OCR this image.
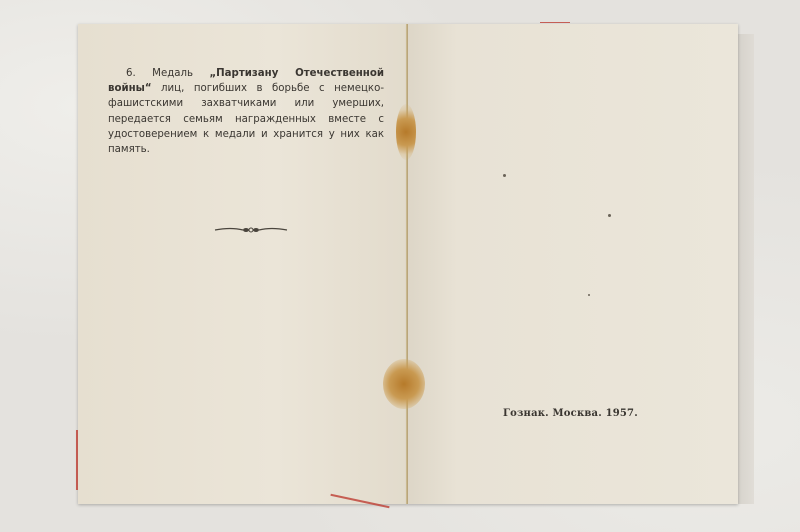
6. Медаль „Партизану Отечественной войны“ лиц, погибших в борьбе с немецко-фашистскими захватчиками или умерших, передается семьям награжденных вместе с удостоверением к медали и хранится у них как память.
Гознак. Москва. 1957.
